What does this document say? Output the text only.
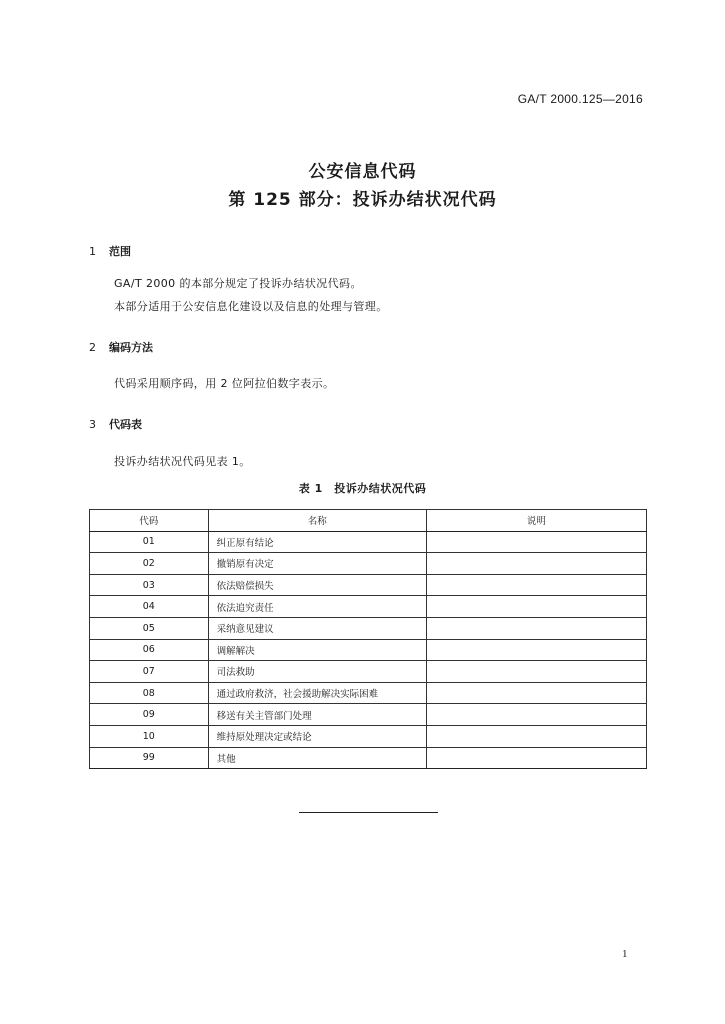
GA/T 2000.125—2016
公安信息代码
第 125 部分：投诉办结状况代码
1 范围
GA/T 2000 的本部分规定了投诉办结状况代码。
本部分适用于公安信息化建设以及信息的处理与管理。
2 编码方法
代码采用顺序码，用 2 位阿拉伯数字表示。
3 代码表
投诉办结状况代码见表 1。
表 1　投诉办结状况代码
代码	名称	说明
01	纠正原有结论	
02	撤销原有决定	
03	依法赔偿损失	
04	依法追究责任	
05	采纳意见建议	
06	调解解决	
07	司法救助	
08	通过政府救济，社会援助解决实际困难	
09	移送有关主管部门处理	
10	维持原处理决定或结论	
99	其他	
1
